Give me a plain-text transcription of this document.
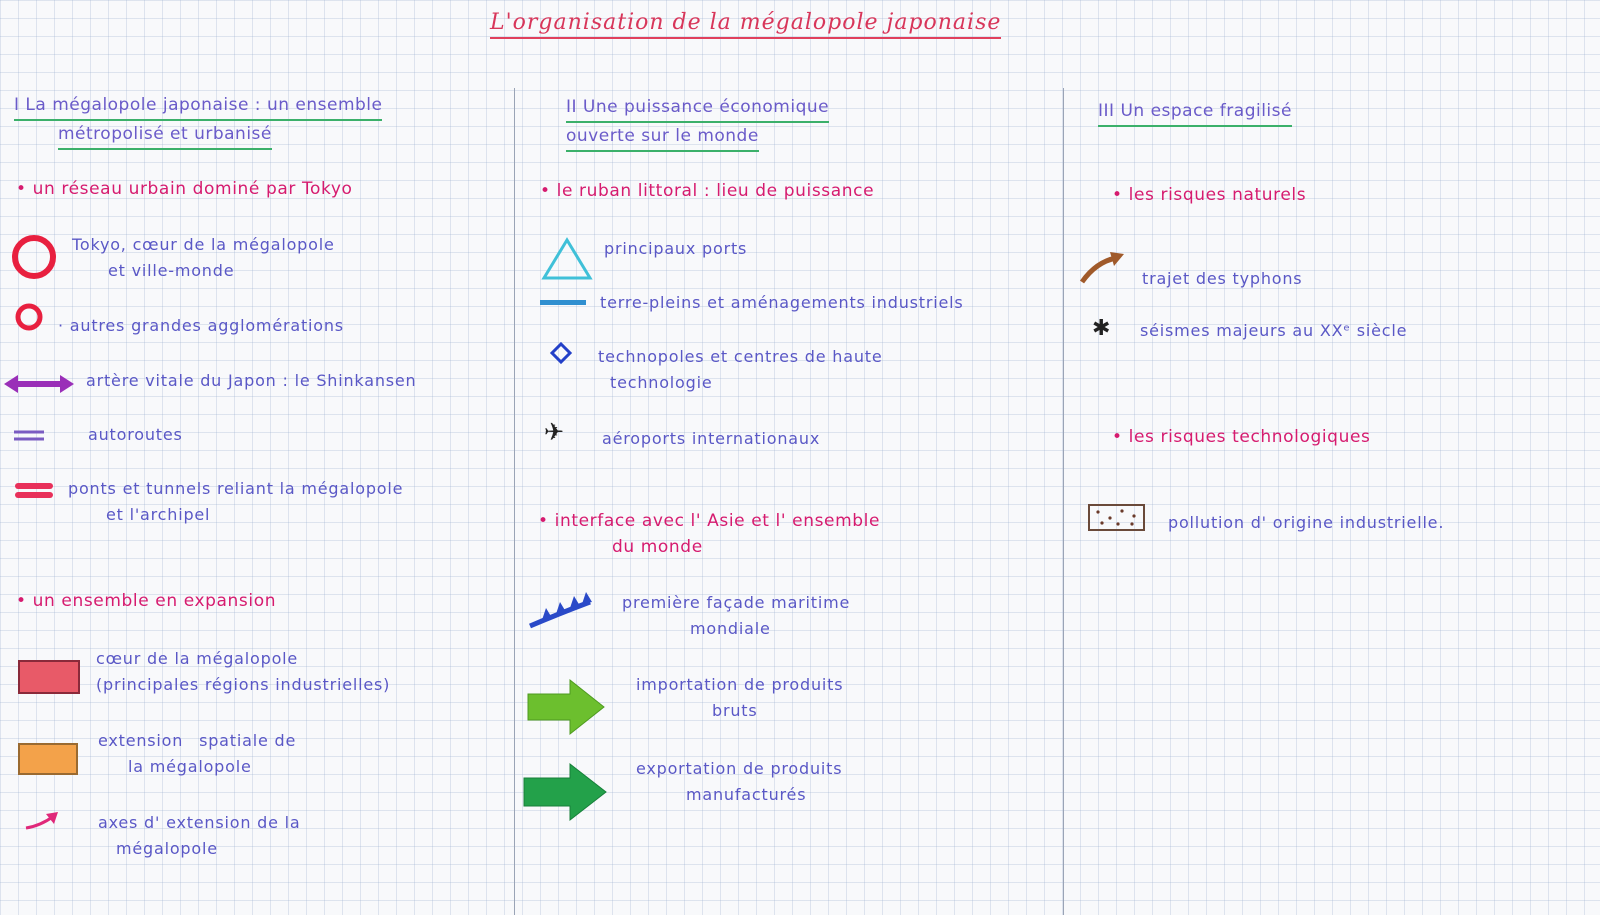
L'organisation de la mégalopole japonaise
I La mégalopole japonaise : un ensemble
métropolisé et urbanisé
• un réseau urbain dominé par Tokyo
Tokyo, cœur de la mégalopole
et ville-monde
· autres grandes agglomérations
artère vitale du Japon : le Shinkansen
autoroutes
ponts et tunnels reliant la mégalopole
et l'archipel
• un ensemble en expansion
cœur de la mégalopole
(principales régions industrielles)
extension spatiale de
la mégalopole
axes d' extension de la
mégalopole
II Une puissance économique
ouverte sur le monde
• le ruban littoral : lieu de puissance
principaux ports
terre-pleins et aménagements industriels
technopoles et centres de haute
technologie
✈ aéroports internationaux
• interface avec l' Asie et l' ensemble
du monde
première façade maritime
mondiale
importation de produits
bruts
exportation de produits
manufacturés
III Un espace fragilisé
• les risques naturels
trajet des typhons
✱ séismes majeurs au XXᵉ siècle
• les risques technologiques
pollution d' origine industrielle.
